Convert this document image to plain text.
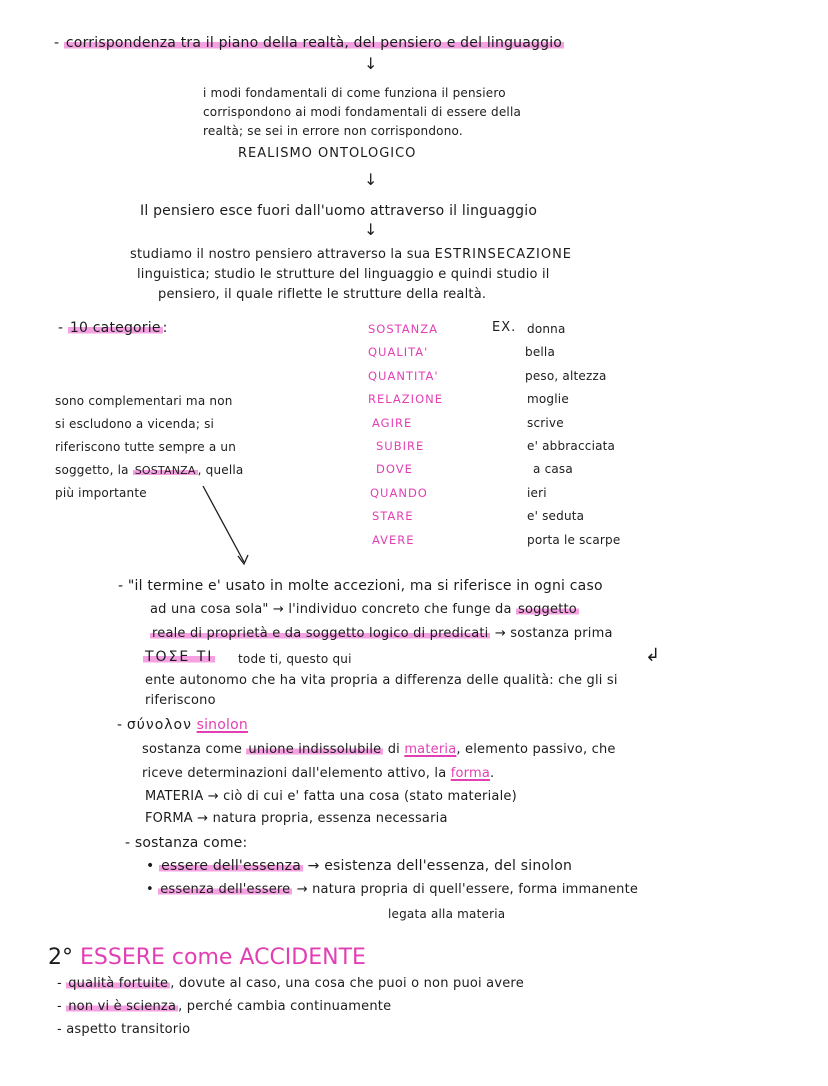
- corrispondenza tra il piano della realtà, del pensiero e del linguaggio
↓
i modi fondamentali di come funziona il pensiero
corrispondono ai modi fondamentali di essere della
realtà; se sei in errore non corrispondono.
REALISMO ONTOLOGICO
↓
Il pensiero esce fuori dall'uomo attraverso il linguaggio
↓
studiamo il nostro pensiero attraverso la sua ESTRINSECAZIONE
linguistica; studio le strutture del linguaggio e quindi studio il
pensiero, il quale riflette le strutture della realtà.
- 10 categorie :	EX.
SOSTANZA
QUALITA'
QUANTITA'
RELAZIONE
AGIRE
SUBIRE
DOVE
QUANDO
STARE
AVERE
donna
bella
peso, altezza
moglie
scrive
e' abbracciata
a casa
ieri
e' seduta
porta le scarpe
sono complementari ma non
si escludono a vicenda; si
riferiscono tutte sempre a un
soggetto, la SOSTANZA , quella
più importante
- "il termine e' usato in molte accezioni, ma si riferisce in ogni caso
ad una cosa sola" → l'individuo concreto che funge da soggetto
reale di proprietà e da soggetto logico di predicati → sostanza prima
ΤΟΣΕ ΤΙ tode ti, questo qui	↲
ente autonomo che ha vita propria a differenza delle qualità: che gli si
riferiscono
- σύνολον sinolon
sostanza come unione indissolubile di materia, elemento passivo, che
riceve determinazioni dall'elemento attivo, la forma.
MATERIA → ciò di cui e' fatta una cosa (stato materiale)
FORMA → natura propria, essenza necessaria
- sostanza come:
• essere dell'essenza → esistenza dell'essenza, del sinolon
• essenza dell'essere → natura propria di quell'essere, forma immanente
legata alla materia
2° ESSERE come ACCIDENTE
- qualità fortuite , dovute al caso, una cosa che puoi o non puoi avere
- non vi è scienza , perché cambia continuamente
- aspetto transitorio
